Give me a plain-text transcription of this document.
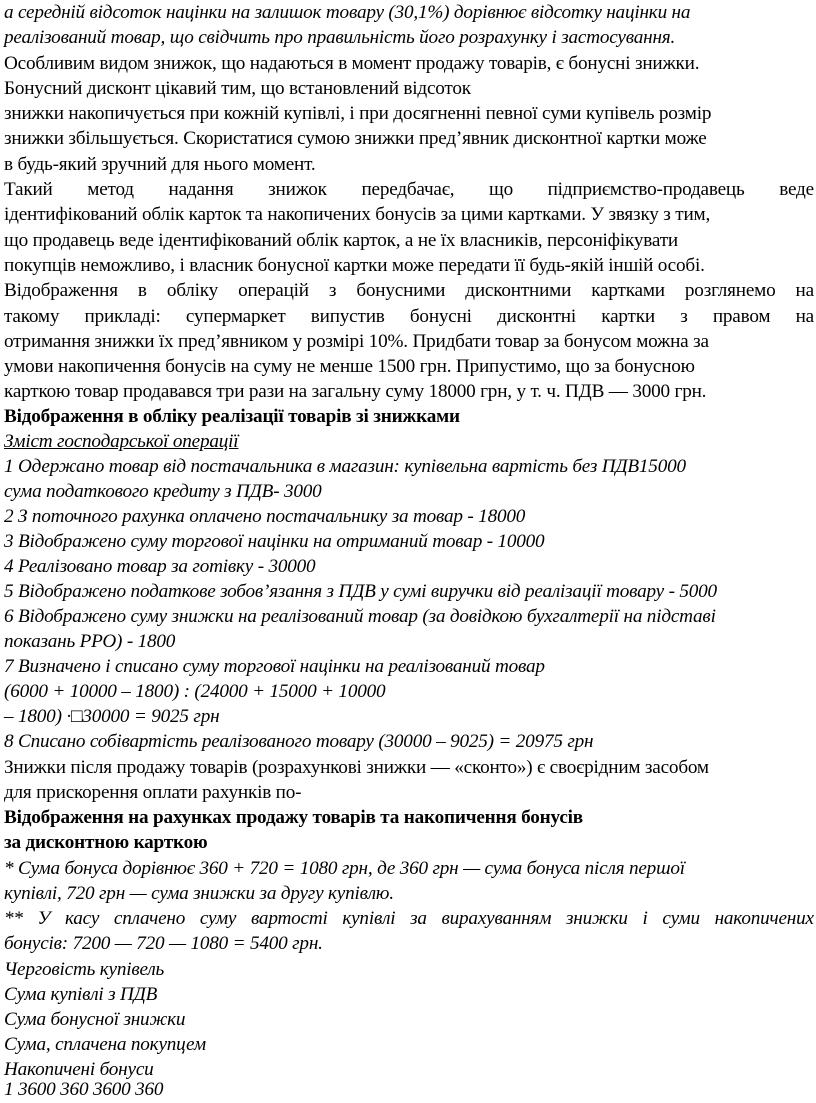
а середній відсоток націнки на залишок товару (30,1%) дорівнює відсотку націнки на
реалізований товар, що свідчить про правильність його розрахунку і застосування.
Особливим видом знижок, що надаються в момент продажу товарів, є бонусні знижки.
Бонусний дисконт цікавий тим, що встановлений відсоток
знижки накопичується при кожній купівлі, і при досягненні певної суми купівель розмір
знижки збільшується. Скористатися сумою знижки пред’явник дисконтної картки може
в будь-який зручний для нього момент.
Такий метод надання знижок передбачає, що підприємство-продавець веде
ідентифікований облік карток та накопичених бонусів за цими картками. У звязку з тим,
що продавець веде ідентифікований облік карток, а не їх власників, персоніфікувати
покупців неможливо, і власник бонусної картки може передати її будь-якій іншій особі.
Відображення в обліку операцій з бонусними дисконтними картками розглянемо на
такому прикладі: супермаркет випустив бонусні дисконтні картки з правом на
отримання знижки їх пред’явником у розмірі 10%. Придбати товар за бонусом можна за
умови накопичення бонусів на суму не менше 1500 грн. Припустимо, що за бонусною
карткою товар продавався три рази на загальну суму 18000 грн, у т. ч. ПДВ — 3000 грн.
Відображення в обліку реалізації товарів зі знижками
Зміст господарської операції
1 Одержано товар від постачальника в магазин: купівельна вартість без ПДВ15000
сума податкового кредиту з ПДВ- 3000
2 З поточного рахунка оплачено постачальнику за товар - 18000
3 Відображено суму торгової націнки на отриманий товар - 10000
4 Реалізовано товар за готівку - 30000
5 Відображено податкове зобов’язання з ПДВ у сумі виручки від реалізації товару - 5000
6 Відображено суму знижки на реалізований товар (за довідкою бухгалтерії на підставі
показань РРО) - 1800
7 Визначено і списано суму торгової націнки на реалізований товар
(6000 + 10000 – 1800) : (24000 + 15000 + 10000
– 1800) ·□30000 = 9025 грн
8 Списано собівартість реалізованого товару (30000 – 9025) = 20975 грн
Знижки після продажу товарів (розрахункові знижки — «сконто») є своєрідним засобом
для прискорення оплати рахунків по-
Відображення на рахунках продажу товарів та накопичення бонусів
за дисконтною карткою
* Сума бонуса дорівнює 360 + 720 = 1080 грн, де 360 грн — сума бонуса після першої
купівлі, 720 грн — сума знижки за другу купівлю.
** У касу сплачено суму вартості купівлі за вирахуванням знижки і суми накопичених
бонусів: 7200 — 720 — 1080 = 5400 грн.
Черговість купівель
Сума купівлі з ПДВ
Сума бонусної знижки
Сума, сплачена покупцем
Накопичені бонуси
1 3600 360 3600 360
